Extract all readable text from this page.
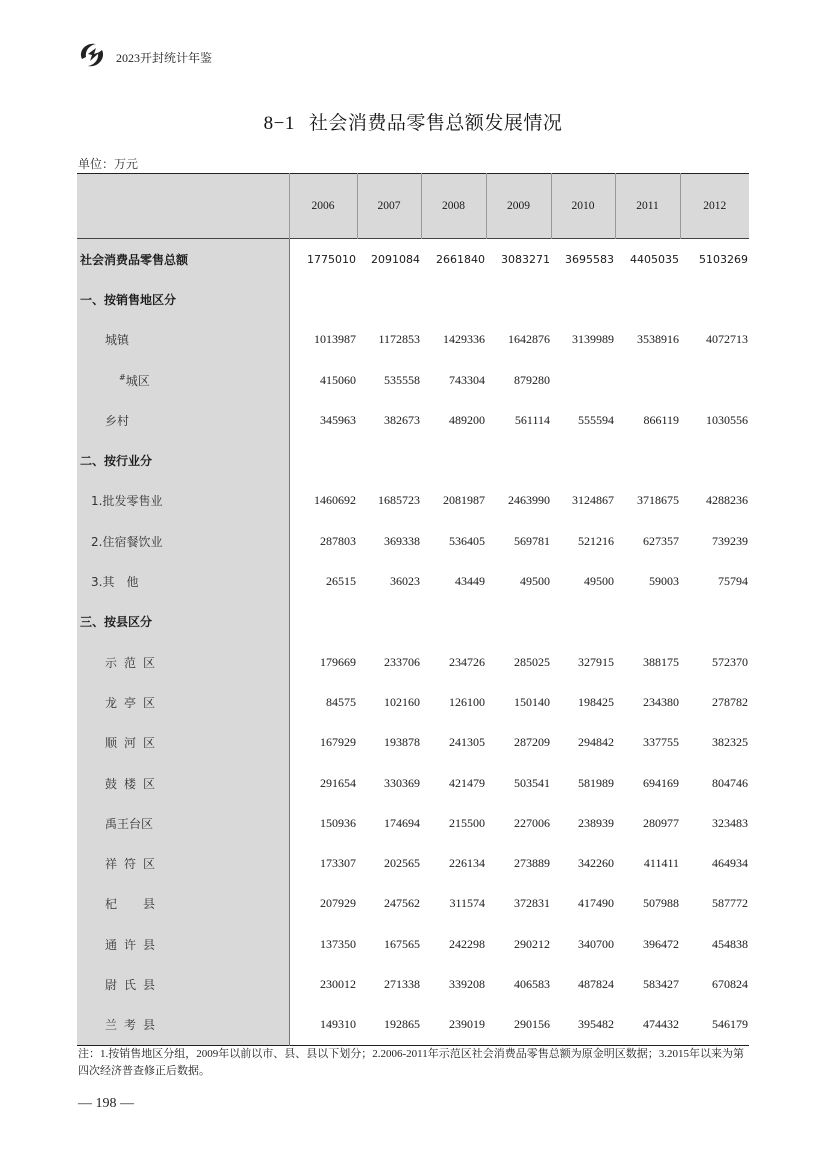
2023开封统计年鉴
8−1 社会消费品零售总额发展情况
单位：万元
	2006	2007	2008	2009	2010	2011	2012
社会消费品零售总额	1775010	2091084	2661840	3083271	3695583	4405035	5103269
一、按销售地区分							
城镇	1013987	1172853	1429336	1642876	3139989	3538916	4072713
#城区	415060	535558	743304	879280			
乡村	345963	382673	489200	561114	555594	866119	1030556
二、按行业分							
1.批发零售业	1460692	1685723	2081987	2463990	3124867	3718675	4288236
2.住宿餐饮业	287803	369338	536405	569781	521216	627357	739239
3.其　他	26515	36023	43449	49500	49500	59003	75794
三、按县区分							
示范区	179669	233706	234726	285025	327915	388175	572370
龙亭区	84575	102160	126100	150140	198425	234380	278782
顺河区	167929	193878	241305	287209	294842	337755	382325
鼓楼区	291654	330369	421479	503541	581989	694169	804746
禹王台区	150936	174694	215500	227006	238939	280977	323483
祥符区	173307	202565	226134	273889	342260	411411	464934
杞　县	207929	247562	311574	372831	417490	507988	587772
通许县	137350	167565	242298	290212	340700	396472	454838
尉氏县	230012	271338	339208	406583	487824	583427	670824
兰考县	149310	192865	239019	290156	395482	474432	546179
注：1.按销售地区分组，2009年以前以市、县、县以下划分；2.2006-2011年示范区社会消费品零售总额为原金明区数据；3.2015年以来为第四次经济普查修正后数据。
— 198 —
